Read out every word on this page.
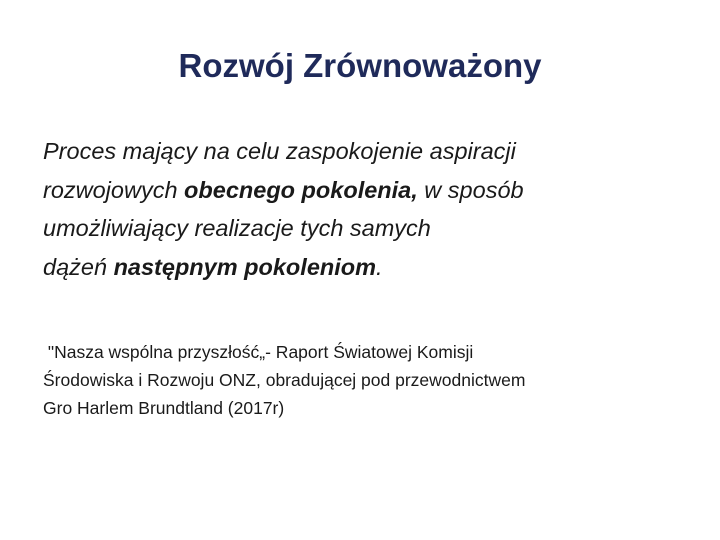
Rozwój Zrównoważony
Proces mający na celu zaspokojenie aspiracji
rozwojowych obecnego pokolenia, w sposób
umożliwiający realizacje tych samych
dążeń następnym pokoleniom.
"Nasza wspólna przyszłość„- Raport Światowej Komisji
Środowiska i Rozwoju ONZ, obradującej pod przewodnictwem
Gro Harlem Brundtland (2017r)
